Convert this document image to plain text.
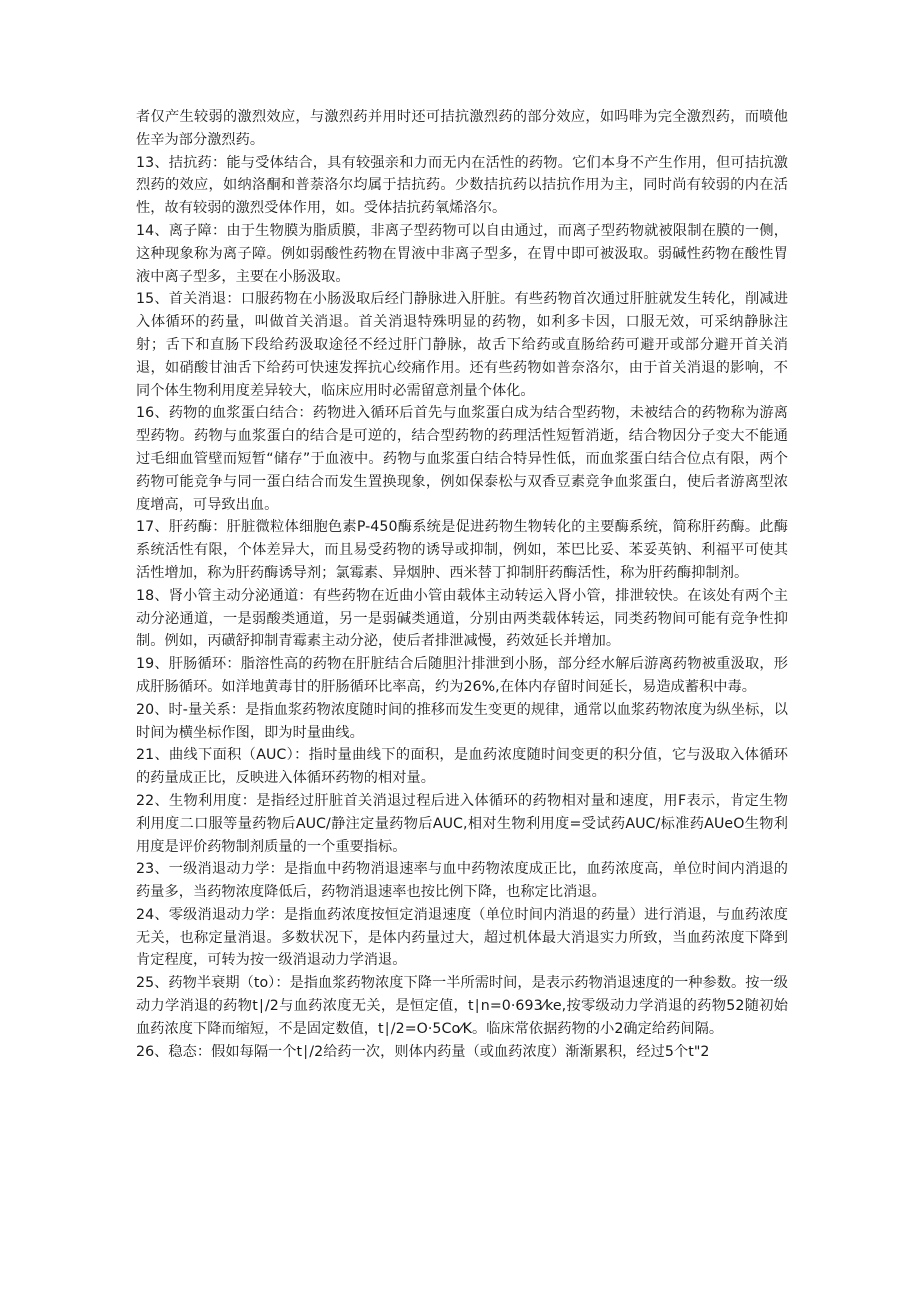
者仅产生较弱的激烈效应，与激烈药并用时还可拮抗激烈药的部分效应，如吗啡为完全激烈药，而喷他佐辛为部分激烈药。

13、拮抗药：能与受体结合，具有较强亲和力而无内在活性的药物。它们本身不产生作用，但可拮抗激烈药的效应，如纳洛酮和普萘洛尔均属于拮抗药。少数拮抗药以拮抗作用为主，同时尚有较弱的内在活性，故有较弱的激烈受体作用，如。受体拮抗药氧烯洛尔。

14、离子障：由于生物膜为脂质膜，非离子型药物可以自由通过，而离子型药物就被限制在膜的一侧，这种现象称为离子障。例如弱酸性药物在胃液中非离子型多，在胃中即可被汲取。弱碱性药物在酸性胃液中离子型多，主要在小肠汲取。

15、首关消退：口服药物在小肠汲取后经门静脉进入肝脏。有些药物首次通过肝脏就发生转化，削减进入体循环的药量，叫做首关消退。首关消退特殊明显的药物，如利多卡因，口服无效，可采纳静脉注射；舌下和直肠下段给药汲取途径不经过肝门静脉，故舌下给药或直肠给药可避开或部分避开首关消退，如硝酸甘油舌下给药可快速发挥抗心绞痛作用。还有些药物如普奈洛尔，由于首关消退的影响，不同个体生物利用度差异较大，临床应用时必需留意剂量个体化。

16、药物的血浆蛋白结合：药物进入循环后首先与血浆蛋白成为结合型药物，未被结合的药物称为游离型药物。药物与血浆蛋白的结合是可逆的，结合型药物的药理活性短暂消逝，结合物因分子变大不能通过毛细血管壁而短暂“储存”于血液中。药物与血浆蛋白结合特异性低，而血浆蛋白结合位点有限，两个药物可能竞争与同一蛋白结合而发生置换现象，例如保泰松与双香豆素竞争血浆蛋白，使后者游离型浓度增高，可导致出血。

17、肝药酶：肝脏微粒体细胞色素P-450酶系统是促进药物生物转化的主要酶系统，简称肝药酶。此酶系统活性有限，个体差异大，而且易受药物的诱导或抑制，例如，苯巴比妥、苯妥英钠、利福平可使其活性增加，称为肝药酶诱导剂；氯霉素、异烟肿、西米替丁抑制肝药酶活性，称为肝药酶抑制剂。

18、肾小管主动分泌通道：有些药物在近曲小管由载体主动转运入肾小管，排泄较快。在该处有两个主动分泌通道，一是弱酸类通道，另一是弱碱类通道，分别由两类载体转运，同类药物间可能有竞争性抑制。例如，丙磺舒抑制青霉素主动分泌，使后者排泄减慢，药效延长并增加。

19、肝肠循环：脂溶性高的药物在肝脏结合后随胆汁排泄到小肠，部分经水解后游离药物被重汲取，形成肝肠循环。如洋地黄毒甘的肝肠循环比率高，约为26%,在体内存留时间延长，易造成蓄积中毒。

20、时-量关系：是指血浆药物浓度随时间的推移而发生变更的规律，通常以血浆药物浓度为纵坐标，以时间为横坐标作图，即为时量曲线。

21、曲线下面积（AUC）：指时量曲线下的面积，是血药浓度随时间变更的积分值，它与汲取入体循环的药量成正比，反映进入体循环药物的相对量。

22、生物利用度：是指经过肝脏首关消退过程后进入体循环的药物相对量和速度，用F表示，肯定生物利用度二口服等量药物后AUC/静注定量药物后AUC,相对生物利用度=受试药AUC/标准药AUeO生物利用度是评价药物制剂质量的一个重要指标。

23、一级消退动力学：是指血中药物消退速率与血中药物浓度成正比，血药浓度高，单位时间内消退的药量多，当药物浓度降低后，药物消退速率也按比例下降，也称定比消退。

24、零级消退动力学：是指血药浓度按恒定消退速度（单位时间内消退的药量）进行消退，与血药浓度无关，也称定量消退。多数状况下，是体内药量过大，超过机体最大消退实力所致，当血药浓度下降到肯定程度，可转为按一级消退动力学消退。

25、药物半衰期（to）：是指血浆药物浓度下降一半所需时间，是表示药物消退速度的一种参数。按一级动力学消退的药物t∣/2与血药浓度无关，是恒定值，t∣n=0·693⁄ke,按零级动力学消退的药物52随初始血药浓度下降而缩短，不是固定数值，t∣/2=O·5Co⁄K。临床常依据药物的小2确定给药间隔。

26、稳态：假如每隔一个t∣/2给药一次，则体内药量（或血药浓度）渐渐累积，经过5个t"2
